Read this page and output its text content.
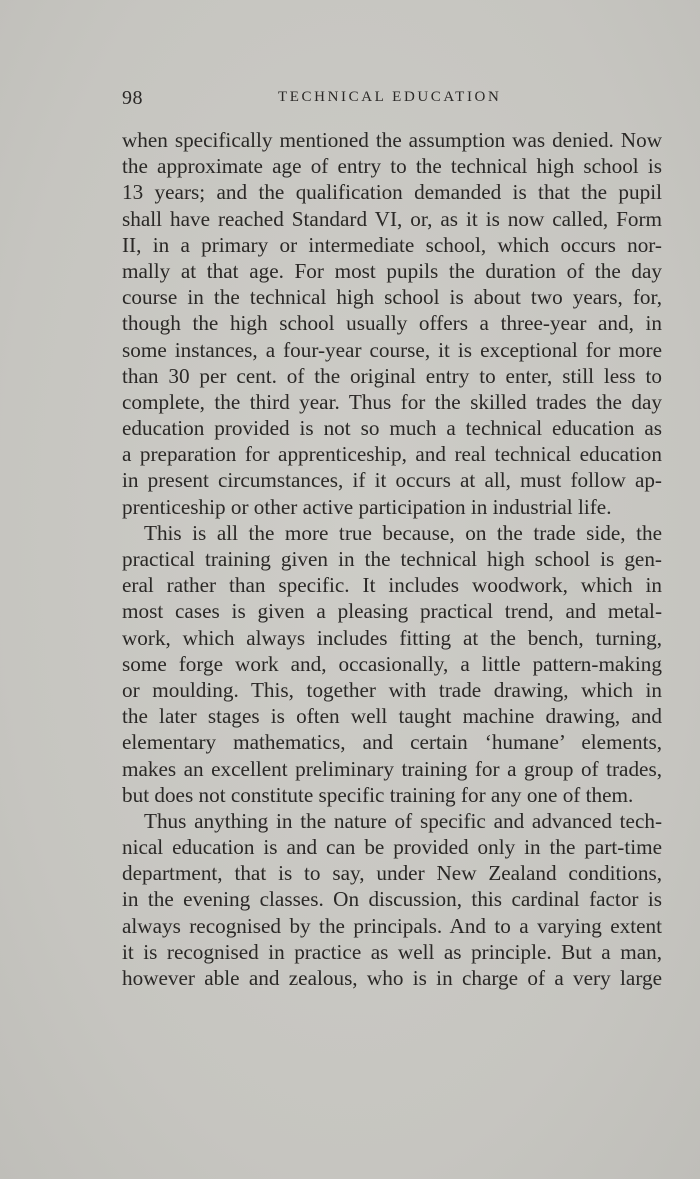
98	TECHNICAL EDUCATION
when specifically mentioned the assumption was denied. Now
the approximate age of entry to the technical high school is
13 years; and the qualification demanded is that the pupil
shall have reached Standard VI, or, as it is now called, Form
II, in a primary or intermediate school, which occurs nor-
mally at that age. For most pupils the duration of the day
course in the technical high school is about two years, for,
though the high school usually offers a three-year and, in
some instances, a four-year course, it is exceptional for more
than 30 per cent. of the original entry to enter, still less to
complete, the third year. Thus for the skilled trades the day
education provided is not so much a technical education as
a preparation for apprenticeship, and real technical education
in present circumstances, if it occurs at all, must follow ap-
prenticeship or other active participation in industrial life.
This is all the more true because, on the trade side, the
practical training given in the technical high school is gen-
eral rather than specific. It includes woodwork, which in
most cases is given a pleasing practical trend, and metal-
work, which always includes fitting at the bench, turning,
some forge work and, occasionally, a little pattern-making
or moulding. This, together with trade drawing, which in
the later stages is often well taught machine drawing, and
elementary mathematics, and certain ‘humane’ elements,
makes an excellent preliminary training for a group of trades,
but does not constitute specific training for any one of them.
Thus anything in the nature of specific and advanced tech-
nical education is and can be provided only in the part-time
department, that is to say, under New Zealand conditions,
in the evening classes. On discussion, this cardinal factor is
always recognised by the principals. And to a varying extent
it is recognised in practice as well as principle. But a man,
however able and zealous, who is in charge of a very large
